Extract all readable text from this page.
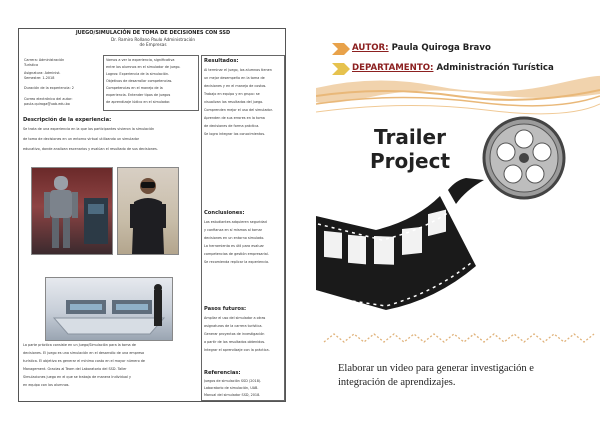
JUEGO/SIMULACIÓN DE TOMA DE DECISIONES CON SSD
Dr. Ramiro Rollano Paulo Administración
de Empresas
Carrera: Administración
Turística
Asignatura: Administ.
Semestre: 1-2018
Duración de la experiencia: 2
Correo electrónico del autor:
paula.quiroga@uab.edu.bo
Vamos a ver la experiencia, significativa
entre los alumnos en el simulador de juego.
Logros: Experiencia de la simulación.
Objetivos de desarrollar competencias.
Competencias en el manejo de la
experiencia. Entender tipos de juegos
de aprendizaje lúdico en el simulador.
Descripción de la experiencia:
Se trata de una experiencia en la que los participantes vivieron la simulación
de toma de decisiones en un entorno virtual utilizando un simulador
educativo, donde analizan escenarios y evalúan el resultado de sus decisiones.
La parte práctica consiste en un Juego/Simulación para la toma de
decisiones. El juego es una simulación en el desarrollo de una empresa
turística. El objetivo es generar el mínimo costo en el mayor número de
Management. Gracias al Team del Laboratorio del SSD. Taller
Simulaciones juego en el que se trabaja de manera Individual y
en equipo con los alumnos.
Resultados:
Al terminar el juego, los alumnos tienen
un mejor desempeño en la toma de
decisiones y en el manejo de costos.
Trabajo en equipo y en grupo: se
visualizan los resultados del juego.
Comprenden mejor el uso del simulador.
Aprenden de sus errores en la toma
de decisiones de forma práctica.
Se logra integrar los conocimientos.
Conclusiones:
Los estudiantes adquieren seguridad
y confianza en sí mismos al tomar
decisiones en un entorno simulado.
La herramienta es útil para evaluar
competencias de gestión empresarial.
Se recomienda replicar la experiencia.
Pasos futuros:
Ampliar el uso del simulador a otras
asignaturas de la carrera turística.
Generar proyectos de investigación
a partir de los resultados obtenidos.
Integrar el aprendizaje con la práctica.
Referencias:
Juegos de simulación SSD (2018).
Laboratorio de simulación, UAB.
Manual del simulador SSD, 2018.
AUTOR: Paula Quiroga Bravo
DEPARTAMENTO: Administración Turística
Trailer
Project
Elaborar un video para generar investigación e
integración de aprendizajes.
